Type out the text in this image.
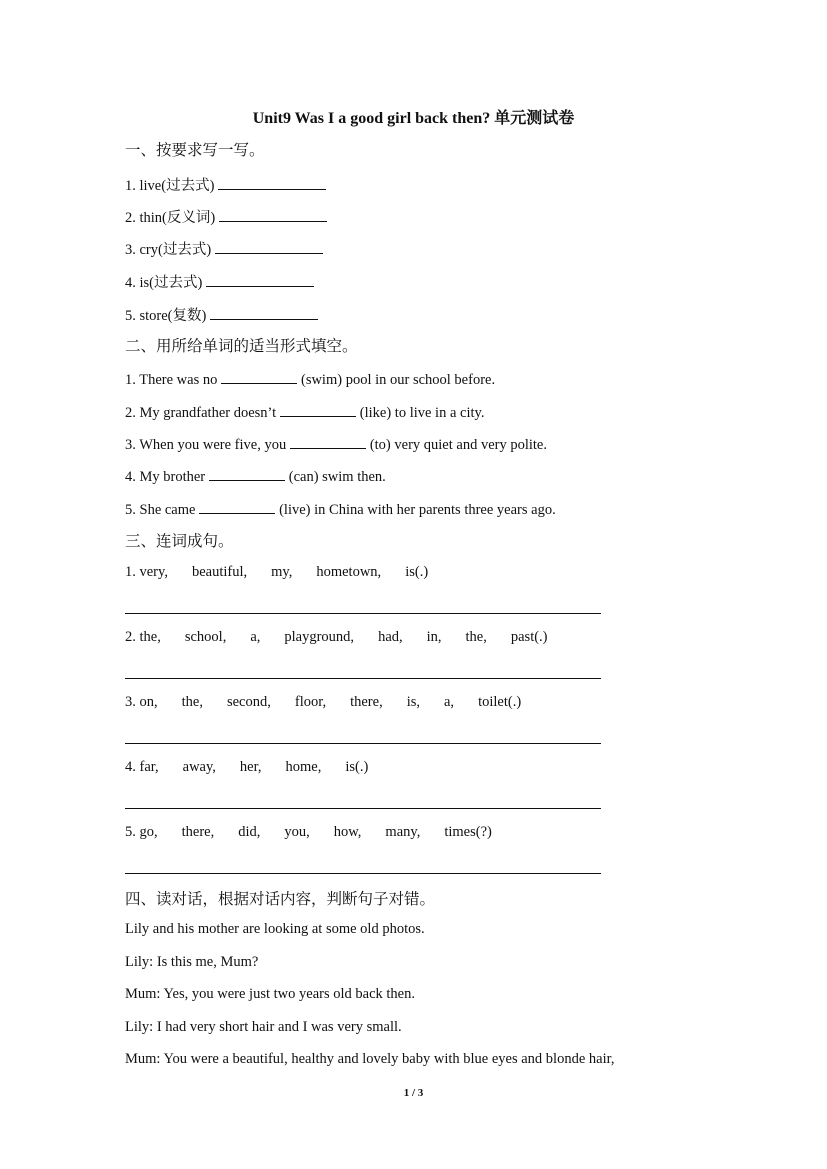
Unit9 Was I a good girl back then? 单元测试卷
一、按要求写一写。
1. live(过去式)
2. thin(反义词)
3. cry(过去式)
4. is(过去式)
5. store(复数)
二、用所给单词的适当形式填空。
1. There was no	(swim) pool in our school before.
2. My grandfather doesn’t	(like) to live in a city.
3. When you were five, you	(to) very quiet and very polite.
4. My brother	(can) swim then.
5. She came	(live) in China with her parents three years ago.
三、连词成句。
1. very, beautiful, my, hometown, is(.)
2. the, school, a, playground, had, in, the, past(.)
3. on, the, second, floor, there, is, a, toilet(.)
4. far, away, her, home, is(.)
5. go, there, did, you, how, many, times(?)
四、读对话，根据对话内容，判断句子对错。
Lily and his mother are looking at some old photos.
Lily: Is this me, Mum?
Mum: Yes, you were just two years old back then.
Lily: I had very short hair and I was very small.
Mum: You were a beautiful, healthy and lovely baby with blue eyes and blonde hair,
1 / 3
